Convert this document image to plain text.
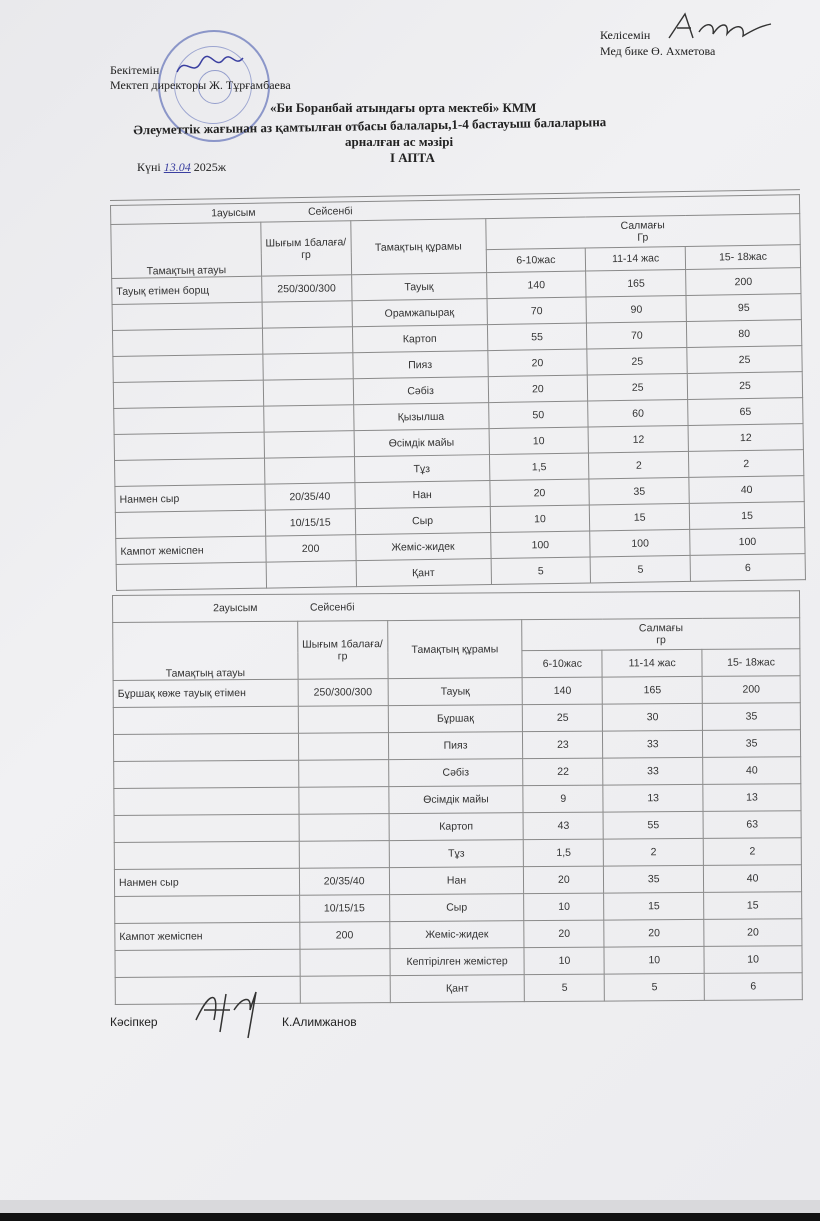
Бекітемін
Мектеп директоры Ж. Тұрғамбаева
Келісемін
Мед бике Ө. Ахметова
«Би Боранбай атындағы орта мектебі» КММ
Әлеуметтік жағынан аз қамтылған отбасы балалары,1-4 бастауыш балаларына
арналған ас мәзірі
І АПТА
Күні 13.04 2025ж
1ауысым Сейсенбі					
Тамақтың атауы	Шығым 1балаға/гр	Тамақтың құрамы	Салмағы
Гр		

			6-10жас	11-14 жас	15- 18жас
Тауық етімен борщ	250/300/300	Тауық	140	165	200
		Орамжапырақ	70	90	95
		Картоп	55	70	80
		Пияз	20	25	25
		Сәбіз	20	25	25
		Қызылша	50	60	65
		Өсімдік майы	10	12	12
		Тұз	1,5	2	2
Нанмен сыр	20/35/40	Нан	20	35	40
	10/15/15	Сыр	10	15	15
Кампот жеміспен	200	Жеміс-жидек	100	100	100
		Қант	5	5	6
2ауысым Сейсенбі					
Тамақтың атауы	Шығым 1балаға/гр	Тамақтың құрамы	Салмағы
гр		

			6-10жас	11-14 жас	15- 18жас
Бұршақ көже тауық етімен	250/300/300	Тауық	140	165	200
		Бұршақ	25	30	35
		Пияз	23	33	35
		Сәбіз	22	33	40
		Өсімдік майы	9	13	13
		Картоп	43	55	63
		Тұз	1,5	2	2
Нанмен сыр	20/35/40	Нан	20	35	40
	10/15/15	Сыр	10	15	15
Кампот жеміспен	200	Жеміс-жидек	20	20	20
		Кептірілген жемістер	10	10	10
		Қант	5	5	6
Кәсіпкер	К.Алимжанов
